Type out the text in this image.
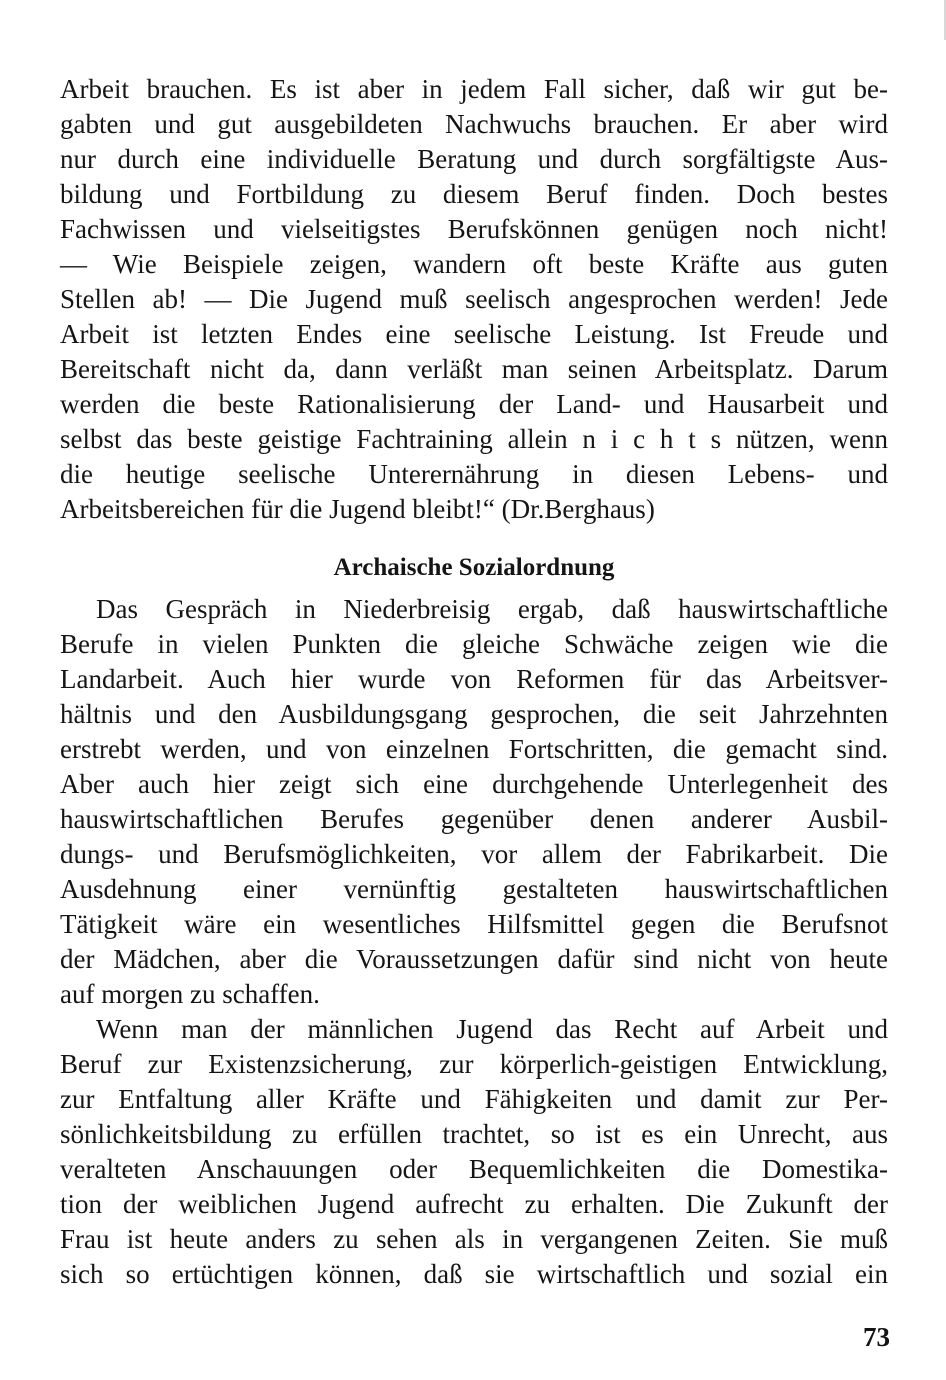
Arbeit brauchen. Es ist aber in jedem Fall sicher, daß wir gut be-
gabten und gut ausgebildeten Nachwuchs brauchen. Er aber wird
nur durch eine individuelle Beratung und durch sorgfältigste Aus-
bildung und Fortbildung zu diesem Beruf finden. Doch bestes
Fachwissen und vielseitigstes Berufskönnen genügen noch nicht!
— Wie Beispiele zeigen, wandern oft beste Kräfte aus guten
Stellen ab! — Die Jugend muß seelisch angesprochen werden! Jede
Arbeit ist letzten Endes eine seelische Leistung. Ist Freude und
Bereitschaft nicht da, dann verläßt man seinen Arbeitsplatz. Darum
werden die beste Rationalisierung der Land- und Hausarbeit und
selbst das beste geistige Fachtraining allein n i c h t s nützen, wenn
die heutige seelische Unterernährung in diesen Lebens- und
Arbeitsbereichen für die Jugend bleibt!“ (Dr.Berghaus)
Archaische Sozialordnung
Das Gespräch in Niederbreisig ergab, daß hauswirtschaftliche
Berufe in vielen Punkten die gleiche Schwäche zeigen wie die
Landarbeit. Auch hier wurde von Reformen für das Arbeitsver-
hältnis und den Ausbildungsgang gesprochen, die seit Jahrzehnten
erstrebt werden, und von einzelnen Fortschritten, die gemacht sind.
Aber auch hier zeigt sich eine durchgehende Unterlegenheit des
hauswirtschaftlichen Berufes gegenüber denen anderer Ausbil-
dungs- und Berufsmöglichkeiten, vor allem der Fabrikarbeit. Die
Ausdehnung einer vernünftig gestalteten hauswirtschaftlichen
Tätigkeit wäre ein wesentliches Hilfsmittel gegen die Berufsnot
der Mädchen, aber die Voraussetzungen dafür sind nicht von heute
auf morgen zu schaffen.
Wenn man der männlichen Jugend das Recht auf Arbeit und
Beruf zur Existenzsicherung, zur körperlich-geistigen Entwicklung,
zur Entfaltung aller Kräfte und Fähigkeiten und damit zur Per-
sönlichkeitsbildung zu erfüllen trachtet, so ist es ein Unrecht, aus
veralteten Anschauungen oder Bequemlichkeiten die Domestika-
tion der weiblichen Jugend aufrecht zu erhalten. Die Zukunft der
Frau ist heute anders zu sehen als in vergangenen Zeiten. Sie muß
sich so ertüchtigen können, daß sie wirtschaftlich und sozial ein
73
